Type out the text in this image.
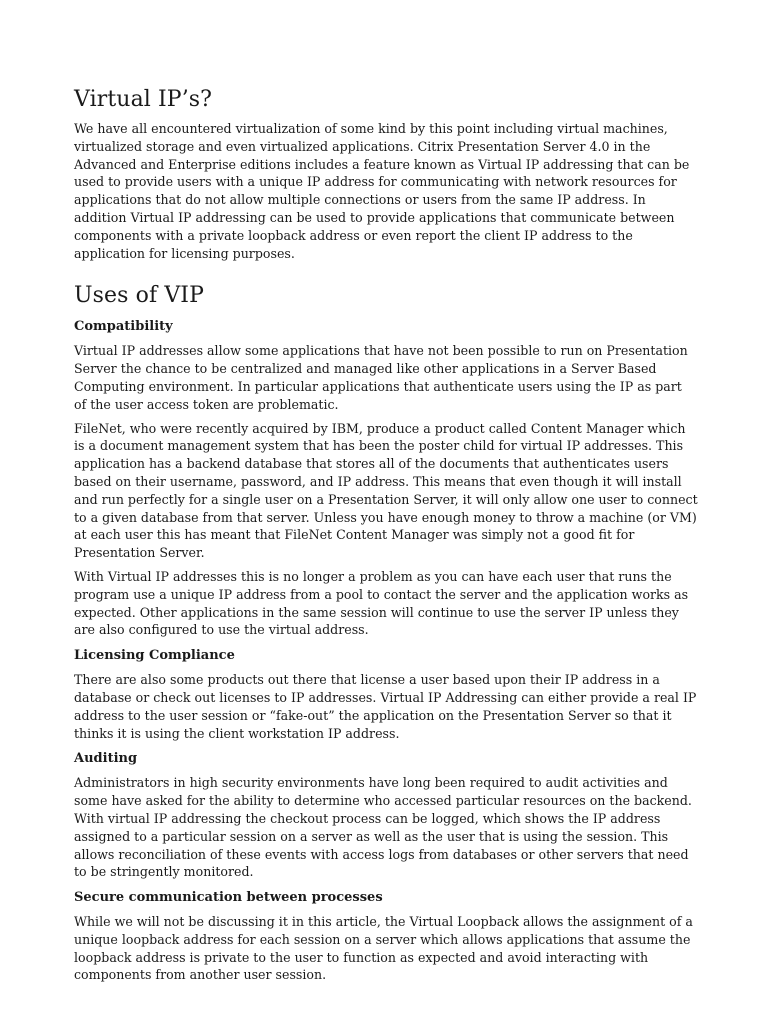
Virtual IP’s?

We have all encountered virtualization of some kind by this point including virtual machines, virtualized storage and even virtualized applications. Citrix Presentation Server 4.0 in the Advanced and Enterprise editions includes a feature known as Virtual IP addressing that can be used to provide users with a unique IP address for communicating with network resources for applications that do not allow multiple connections or users from the same IP address. In addition Virtual IP addressing can be used to provide applications that communicate between components with a private loopback address or even report the client IP address to the application for licensing purposes.

Uses of VIP
Compatibility

Virtual IP addresses allow some applications that have not been possible to run on Presentation Server the chance to be centralized and managed like other applications in a Server Based Computing environment. In particular applications that authenticate users using the IP as part of the user access token are problematic.

FileNet, who were recently acquired by IBM, produce a product called Content Manager which is a document management system that has been the poster child for virtual IP addresses. This application has a backend database that stores all of the documents that authenticates users based on their username, password, and IP address. This means that even though it will install and run perfectly for a single user on a Presentation Server, it will only allow one user to connect to a given database from that server. Unless you have enough money to throw a machine (or VM) at each user this has meant that FileNet Content Manager was simply not a good fit for Presentation Server.

With Virtual IP addresses this is no longer a problem as you can have each user that runs the program use a unique IP address from a pool to contact the server and the application works as expected. Other applications in the same session will continue to use the server IP unless they are also configured to use the virtual address.

Licensing Compliance

There are also some products out there that license a user based upon their IP address in a database or check out licenses to IP addresses. Virtual IP Addressing can either provide a real IP address to the user session or “fake-out” the application on the Presentation Server so that it thinks it is using the client workstation IP address.

Auditing

Administrators in high security environments have long been required to audit activities and some have asked for the ability to determine who accessed particular resources on the backend. With virtual IP addressing the checkout process can be logged, which shows the IP address assigned to a particular session on a server as well as the user that is using the session. This allows reconciliation of these events with access logs from databases or other servers that need to be stringently monitored.

Secure communication between processes

While we will not be discussing it in this article, the Virtual Loopback allows the assignment of a unique loopback address for each session on a server which allows applications that assume the loopback address is private to the user to function as expected and avoid interacting with components from another user session.
